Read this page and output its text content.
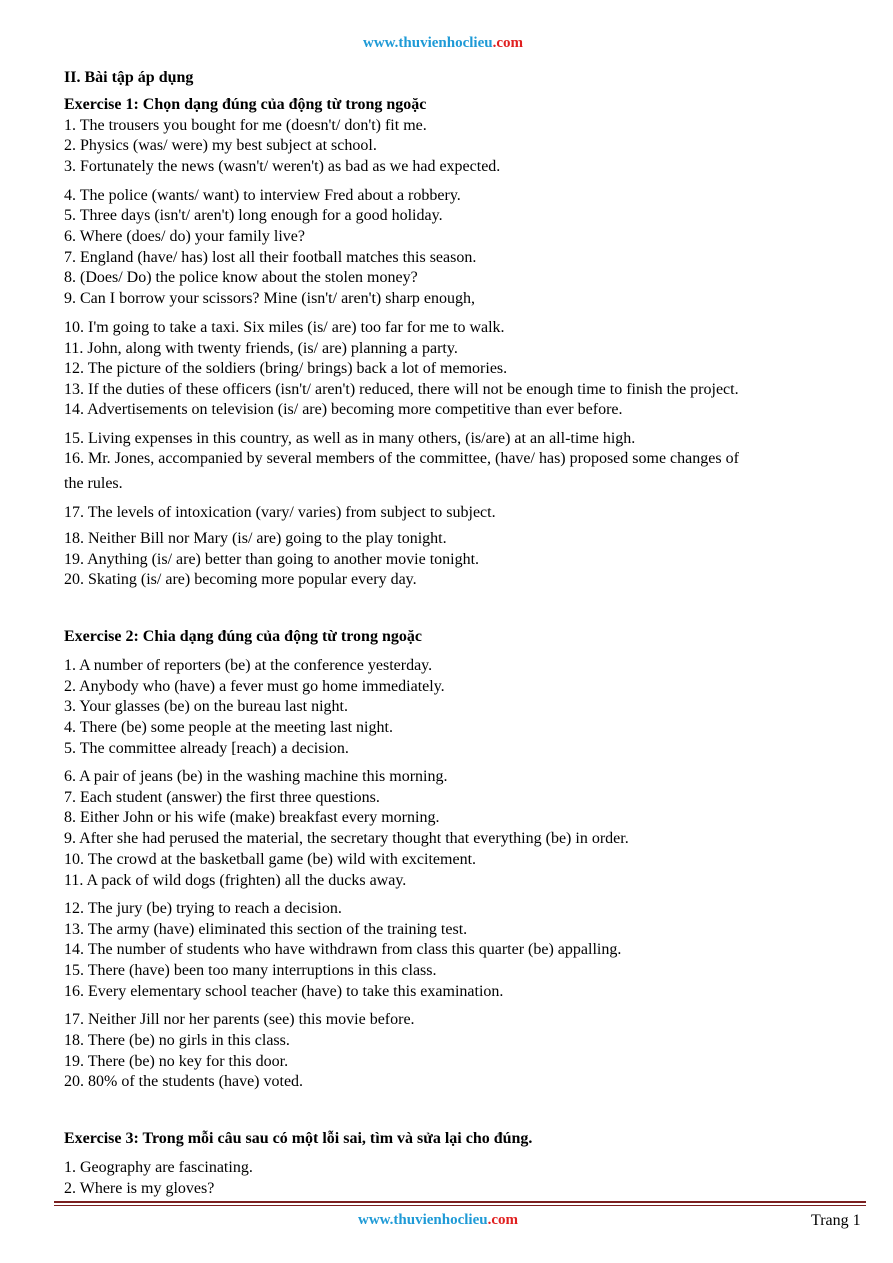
www.thuvienhoclieu.com
II. Bài tập áp dụng
Exercise 1: Chọn dạng đúng của động từ trong ngoặc
1. The trousers you bought for me (doesn't/ don't) fit me.
2. Physics (was/ were) my best subject at school.
3. Fortunately the news (wasn't/ weren't) as bad as we had expected.
4. The police (wants/ want) to interview Fred about a robbery.
5. Three days (isn't/ aren't) long enough for a good holiday.
6. Where (does/ do) your family live?
7. England (have/ has) lost all their football matches this season.
8. (Does/ Do) the police know about the stolen money?
9. Can I borrow your scissors? Mine (isn't/ aren't) sharp enough,
10. I'm going to take a taxi. Six miles (is/ are) too far for me to walk.
11. John, along with twenty friends, (is/ are) planning a party.
12. The picture of the soldiers (bring/ brings) back a lot of memories.
13. If the duties of these officers (isn't/ aren't) reduced, there will not be enough time to finish the project.
14. Advertisements on television (is/ are) becoming more competitive than ever before.
15. Living expenses in this country, as well as in many others, (is/are) at an all-time high.
16. Mr. Jones, accompanied by several members of the committee, (have/ has) proposed some changes of
the rules.
17. The levels of intoxication (vary/ varies) from subject to subject.
18. Neither Bill nor Mary (is/ are) going to the play tonight.
19. Anything (is/ are) better than going to another movie tonight.
20. Skating (is/ are) becoming more popular every day.
Exercise 2: Chia dạng đúng của động từ trong ngoặc
1. A number of reporters (be) at the conference yesterday.
2. Anybody who (have) a fever must go home immediately.
3. Your glasses (be) on the bureau last night.
4. There (be) some people at the meeting last night.
5. The committee already [reach) a decision.
6. A pair of jeans (be) in the washing machine this morning.
7. Each student (answer) the first three questions.
8. Either John or his wife (make) breakfast every morning.
9. After she had perused the material, the secretary thought that everything (be) in order.
10. The crowd at the basketball game (be) wild with excitement.
11. A pack of wild dogs (frighten) all the ducks away.
12. The jury (be) trying to reach a decision.
13. The army (have) eliminated this section of the training test.
14. The number of students who have withdrawn from class this quarter (be) appalling.
15. There (have) been too many interruptions in this class.
16. Every elementary school teacher (have) to take this examination.
17. Neither Jill nor her parents (see) this movie before.
18. There (be) no girls in this class.
19. There (be) no key for this door.
20. 80% of the students (have) voted.
Exercise 3: Trong mỗi câu sau có một lỗi sai, tìm và sửa lại cho đúng.
1. Geography are fascinating.
2. Where is my gloves?
www.thuvienhoclieu.com	Trang 1
